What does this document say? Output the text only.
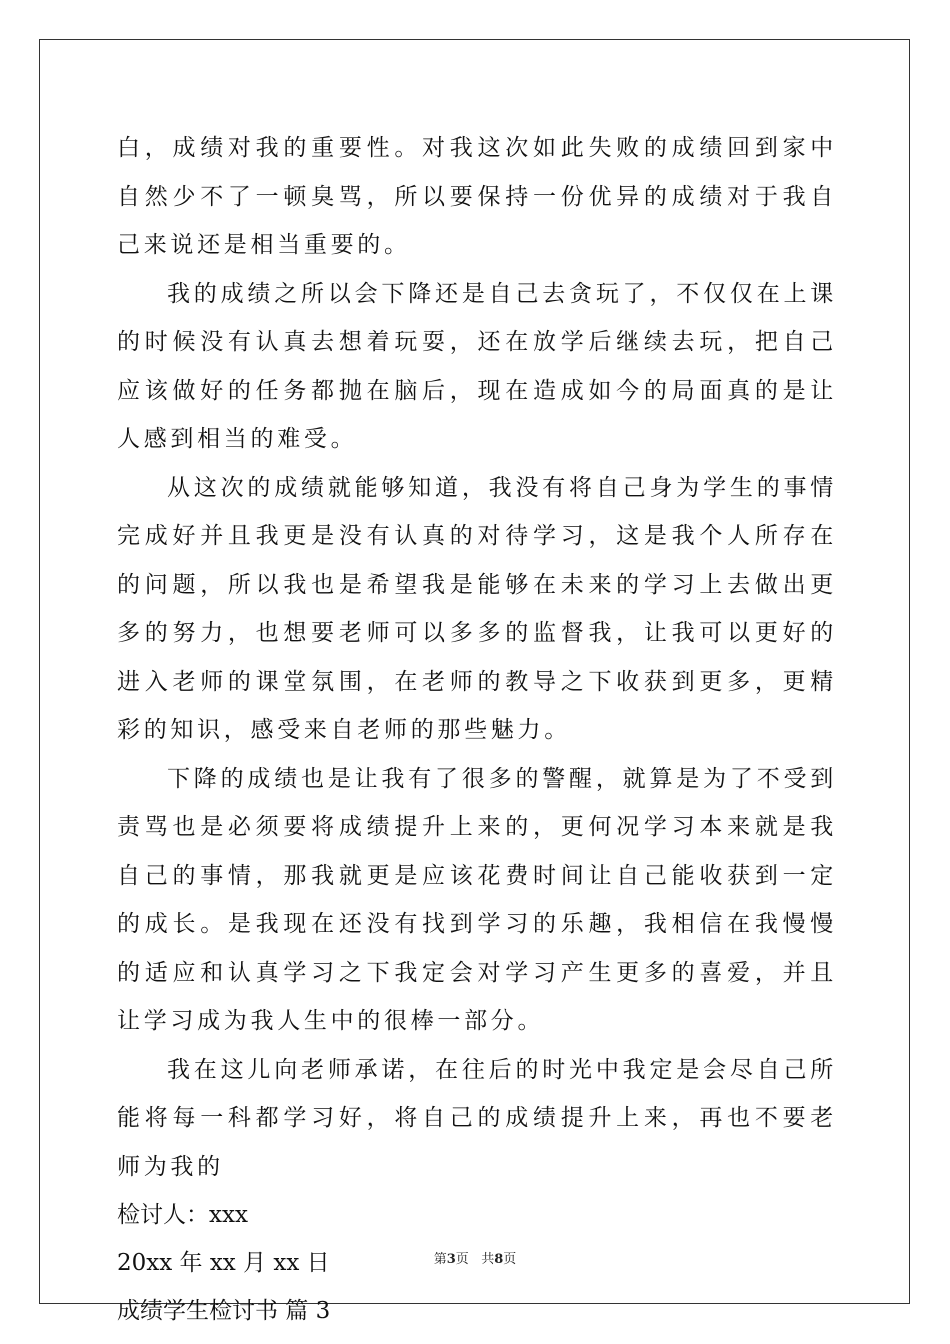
白，成绩对我的重要性。对我这次如此失败的成绩回到家中自然少不了一顿臭骂，所以要保持一份优异的成绩对于我自己来说还是相当重要的。

我的成绩之所以会下降还是自己去贪玩了，不仅仅在上课的时候没有认真去想着玩耍，还在放学后继续去玩，把自己应该做好的任务都抛在脑后，现在造成如今的局面真的是让人感到相当的难受。

从这次的成绩就能够知道，我没有将自己身为学生的事情完成好并且我更是没有认真的对待学习，这是我个人所存在的问题，所以我也是希望我是能够在未来的学习上去做出更多的努力，也想要老师可以多多的监督我，让我可以更好的进入老师的课堂氛围，在老师的教导之下收获到更多，更精彩的知识，感受来自老师的那些魅力。

下降的成绩也是让我有了很多的警醒，就算是为了不受到责骂也是必须要将成绩提升上来的，更何况学习本来就是我自己的事情，那我就更是应该花费时间让自己能收获到一定的成长。是我现在还没有找到学习的乐趣，我相信在我慢慢的适应和认真学习之下我定会对学习产生更多的喜爱，并且让学习成为我人生中的很棒一部分。

我在这儿向老师承诺，在往后的时光中我定是会尽自己所能将每一科都学习好，将自己的成绩提升上来，再也不要老师为我的

检讨人：xxx

20xx 年 xx 月 xx 日

成绩学生检讨书 篇 3

第3页   共8页
